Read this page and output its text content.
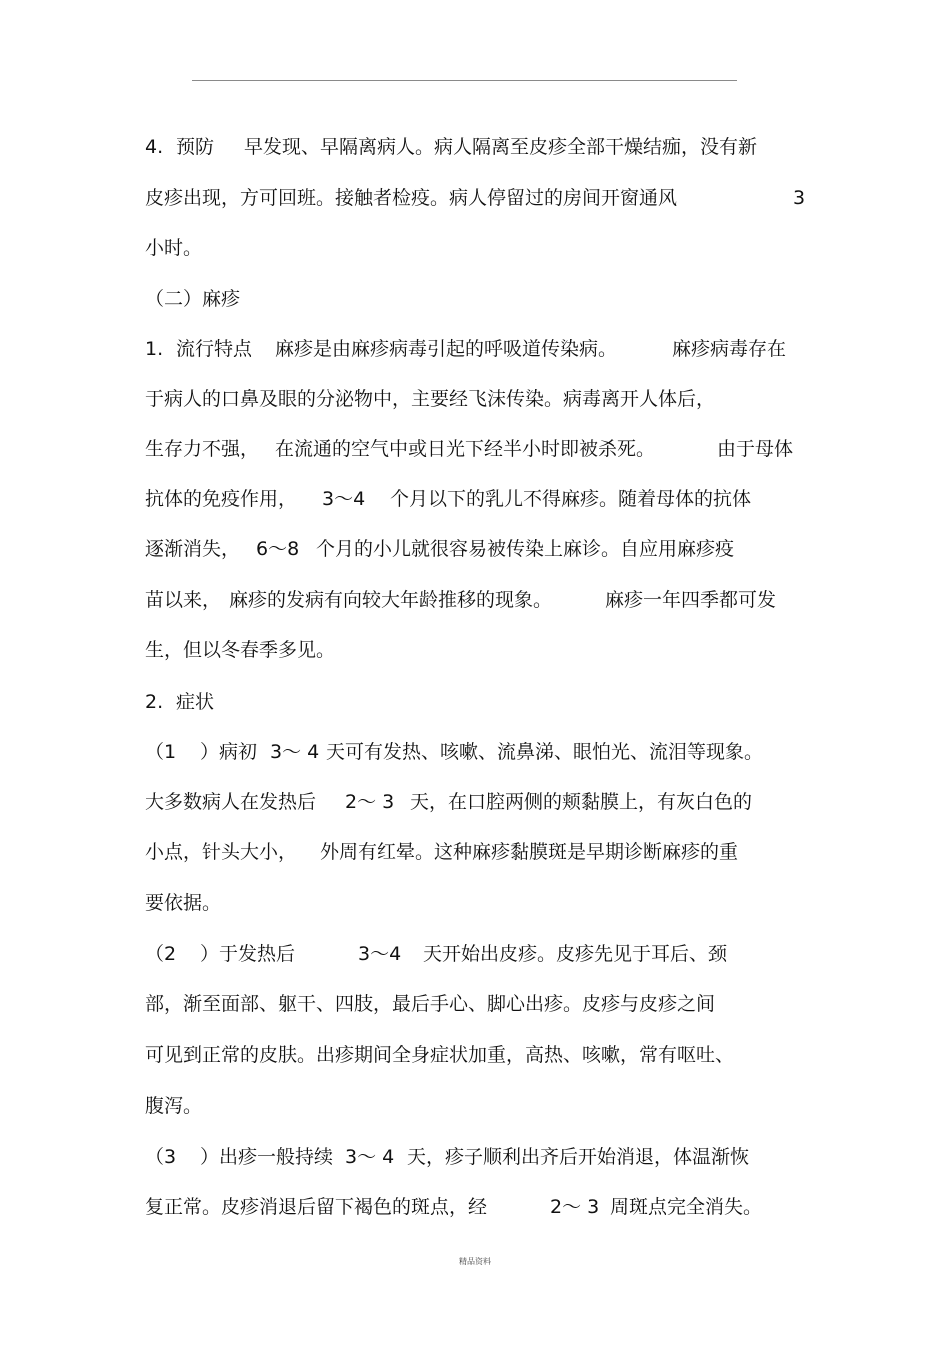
4. 预防 早发现、早隔离病人。病人隔离至皮疹全部干燥结痂，没有新
皮疹出现，方可回班。接触者检疫。病人停留过的房间开窗通风	3
小时。
（二）麻疹
1. 流行特点 麻疹是由麻疹病毒引起的呼吸道传染病。	麻疹病毒存在
于病人的口鼻及眼的分泌物中，主要经飞沫传染。病毒离开人体后，
生存力不强， 在流通的空气中或日光下经半小时即被杀死。	由于母体
抗体的免疫作用， 3～4 个月以下的乳儿不得麻疹。随着母体的抗体
逐渐消失， 6～8 个月的小儿就很容易被传染上麻诊。自应用麻疹疫
苗以来， 麻疹的发病有向较大年龄推移的现象。	麻疹一年四季都可发
生，但以冬春季多见。
2. 症状
（1 ）病初 3～ 4 天可有发热、咳嗽、流鼻涕、眼怕光、流泪等现象。
大多数病人在发热后 2～ 3 天，在口腔两侧的颊黏膜上，有灰白色的
小点，针头大小， 外周有红晕。这种麻疹黏膜斑是早期诊断麻疹的重
要依据。
（2 ）于发热后	3～4 天开始出皮疹。皮疹先见于耳后、颈
部，渐至面部、躯干、四肢，最后手心、脚心出疹。皮疹与皮疹之间
可见到正常的皮肤。出疹期间全身症状加重，高热、咳嗽，常有呕吐、
腹泻。
（3 ）出疹一般持续 3～ 4 天，疹子顺利出齐后开始消退，体温渐恢
复正常。皮疹消退后留下褐色的斑点，经	2～ 3 周斑点完全消失。
精品资料
